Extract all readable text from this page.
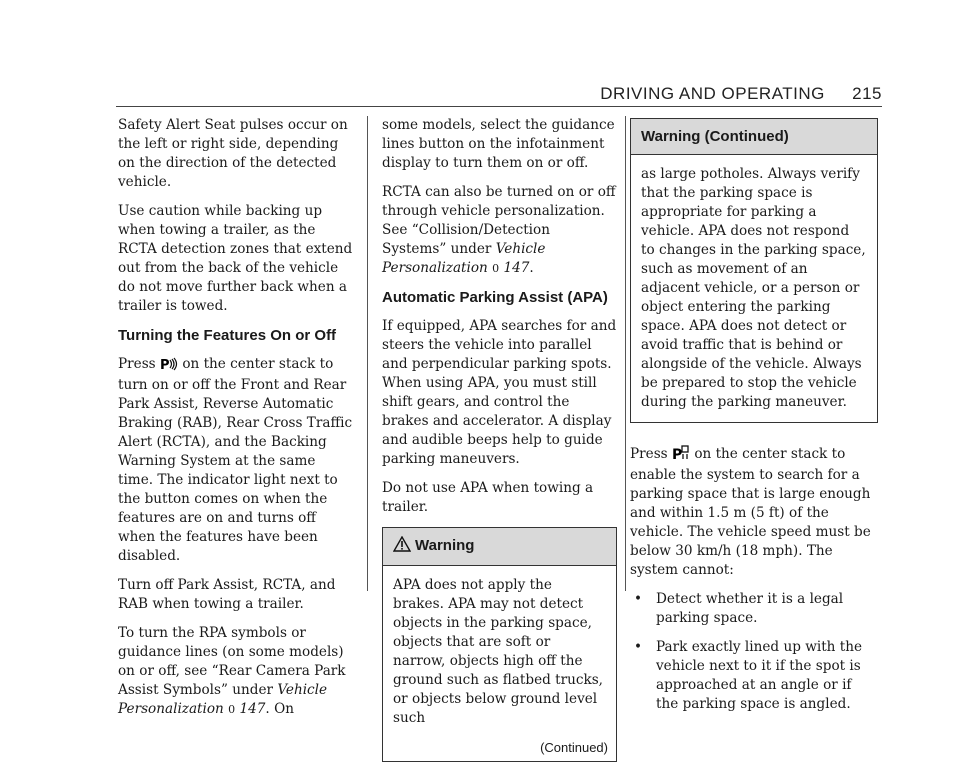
DRIVING AND OPERATING 215

Safety Alert Seat pulses occur on the left or right side, depending on the direction of the detected vehicle.

Use caution while backing up when towing a trailer, as the RCTA detection zones that extend out from the back of the vehicle do not move further back when a trailer is towed.

Turning the Features On or Off

Press P on the center stack to turn on or off the Front and Rear Park Assist, Reverse Automatic Braking (RAB), Rear Cross Traffic Alert (RCTA), and the Backing Warning System at the same time. The indicator light next to the button comes on when the features are on and turns off when the features have been disabled.

Turn off Park Assist, RCTA, and RAB when towing a trailer.

To turn the RPA symbols or guidance lines (on some models) on or off, see “Rear Camera Park Assist Symbols” under Vehicle Personalization 0 147. On

some models, select the guidance lines button on the infotainment display to turn them on or off.

RCTA can also be turned on or off through vehicle personalization. See “Collision/Detection Systems” under Vehicle Personalization 0 147.

Automatic Parking Assist (APA)

If equipped, APA searches for and steers the vehicle into parallel and perpendicular parking spots. When using APA, you must still shift gears, and control the brakes and accelerator. A display and audible beeps help to guide parking maneuvers.

Do not use APA when towing a trailer.

Warning

APA does not apply the brakes. APA may not detect objects in the parking space, objects that are soft or narrow, objects high off the ground such as flatbed trucks, or objects below ground level such

(Continued)
Warning (Continued)

as large potholes. Always verify that the parking space is appropriate for parking a vehicle. APA does not respond to changes in the parking space, such as movement of an adjacent vehicle, or a person or object entering the parking space. APA does not detect or avoid traffic that is behind or alongside of the vehicle. Always be prepared to stop the vehicle during the parking maneuver.

Press P on the center stack to enable the system to search for a parking space that is large enough and within 1.5 m (5 ft) of the vehicle. The vehicle speed must be below 30 km/h (18 mph). The system cannot:

• Detect whether it is a legal parking space.
• Park exactly lined up with the vehicle next to it if the spot is approached at an angle or if the parking space is angled.
